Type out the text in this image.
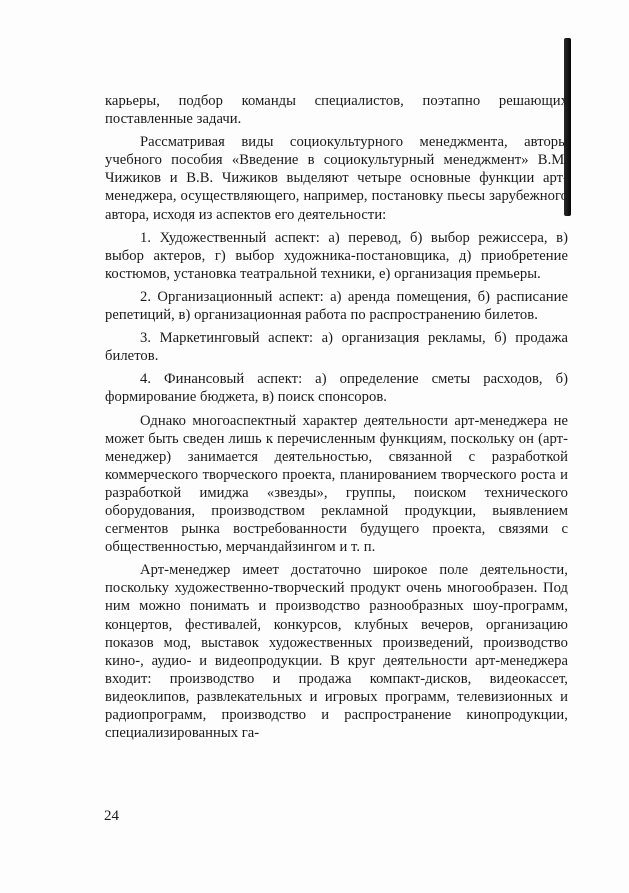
карьеры, подбор команды специалистов, поэтапно решающих поставленные задачи.

Рассматривая виды социокультурного менеджмента, авторы учебного пособия «Введение в социокультурный менеджмент» В.М. Чижиков и В.В. Чижиков выделяют четыре основные функции арт-менеджера, осуществляющего, например, постановку пьесы зарубежного автора, исходя из аспектов его деятельности:

1. Художественный аспект: а) перевод, б) выбор режиссера, в) выбор актеров, г) выбор художника-постановщика, д) приобретение костюмов, установка театральной техники, е) организация премьеры.

2. Организационный аспект: а) аренда помещения, б) расписание репетиций, в) организационная работа по распространению билетов.

3. Маркетинговый аспект: а) организация рекламы, б) продажа билетов.

4. Финансовый аспект: а) определение сметы расходов, б) формирование бюджета, в) поиск спонсоров.

Однако многоаспектный характер деятельности арт-менеджера не может быть сведен лишь к перечисленным функциям, поскольку он (арт-менеджер) занимается деятельностью, связанной с разработкой коммерческого творческого проекта, планированием творческого роста и разработкой имиджа «звезды», группы, поиском технического оборудования, производством рекламной продукции, выявлением сегментов рынка востребованности будущего проекта, связями с общественностью, мерчандайзингом и т. п.

Арт-менеджер имеет достаточно широкое поле деятельности, поскольку художественно-творческий продукт очень многообразен. Под ним можно понимать и производство разнообразных шоу-программ, концертов, фестивалей, конкурсов, клубных вечеров, организацию показов мод, выставок художественных произведений, производство кино-, аудио- и видеопродукции. В круг деятельности арт-менеджера входит: производство и продажа компакт-дисков, видеокассет, видеоклипов, развлекательных и игровых программ, телевизионных и радиопрограмм, производство и распространение кинопродукции, специализированных га-

24
